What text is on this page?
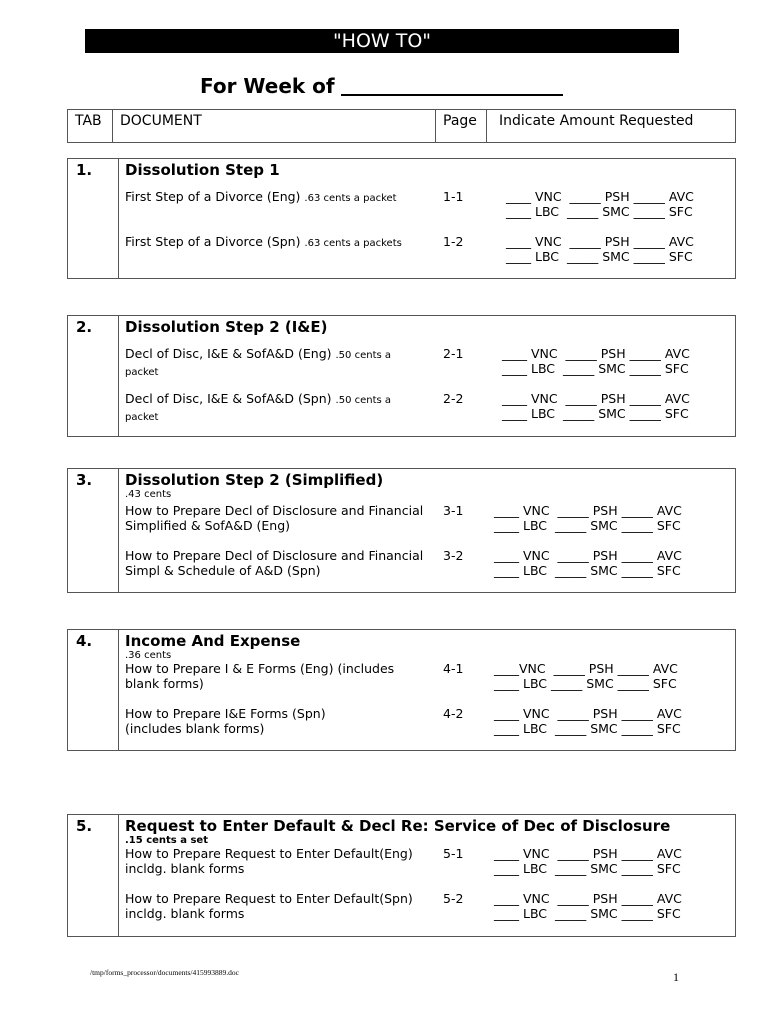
"HOW TO"
For Week of
TAB DOCUMENT	Page Indicate Amount Requested
1. Dissolution Step 1
First Step of a Divorce (Eng) .63 cents a packet	1-1	____ VNC  _____ PSH _____ AVC
____ LBC  _____ SMC _____ SFC
First Step of a Divorce (Spn) .63 cents a packets	1-2	____ VNC  _____ PSH _____ AVC
____ LBC  _____ SMC _____ SFC
2. Dissolution Step 2 (I&E)
Decl of Disc, I&E & SofA&D (Eng) .50 cents a packet
2-1	____ VNC  _____ PSH _____ AVC
____ LBC  _____ SMC _____ SFC
Decl of Disc, I&E & SofA&D (Spn) .50 cents a packet
2-2	____ VNC  _____ PSH _____ AVC
____ LBC  _____ SMC _____ SFC
3. Dissolution Step 2 (Simplified)
.43 cents
How to Prepare Decl of Disclosure and Financial Simplified & SofA&D (Eng)
3-1 ____ VNC  _____ PSH _____ AVC
____ LBC  _____ SMC _____ SFC
How to Prepare Decl of Disclosure and Financial Simpl & Schedule of A&D (Spn)
3-2 ____ VNC  _____ PSH _____ AVC
____ LBC  _____ SMC _____ SFC
4. Income And Expense
.36 cents
How to Prepare I & E Forms (Eng) (includes blank forms)
4-1 ____VNC  _____ PSH _____ AVC
____ LBC _____ SMC _____ SFC
How to Prepare I&E Forms (Spn) (includes blank forms)
4-2 ____ VNC  _____ PSH _____ AVC
____ LBC  _____ SMC _____ SFC
5. Request to Enter Default & Decl Re: Service of Dec of Disclosure
.15 cents a set
How to Prepare Request to Enter Default(Eng) incldg. blank forms
5-1 ____ VNC  _____ PSH _____ AVC
____ LBC  _____ SMC _____ SFC
How to Prepare Request to Enter Default(Spn) incldg. blank forms
5-2 ____ VNC  _____ PSH _____ AVC
____ LBC  _____ SMC _____ SFC
/tmp/forms_processor/documents/415993889.doc	1
